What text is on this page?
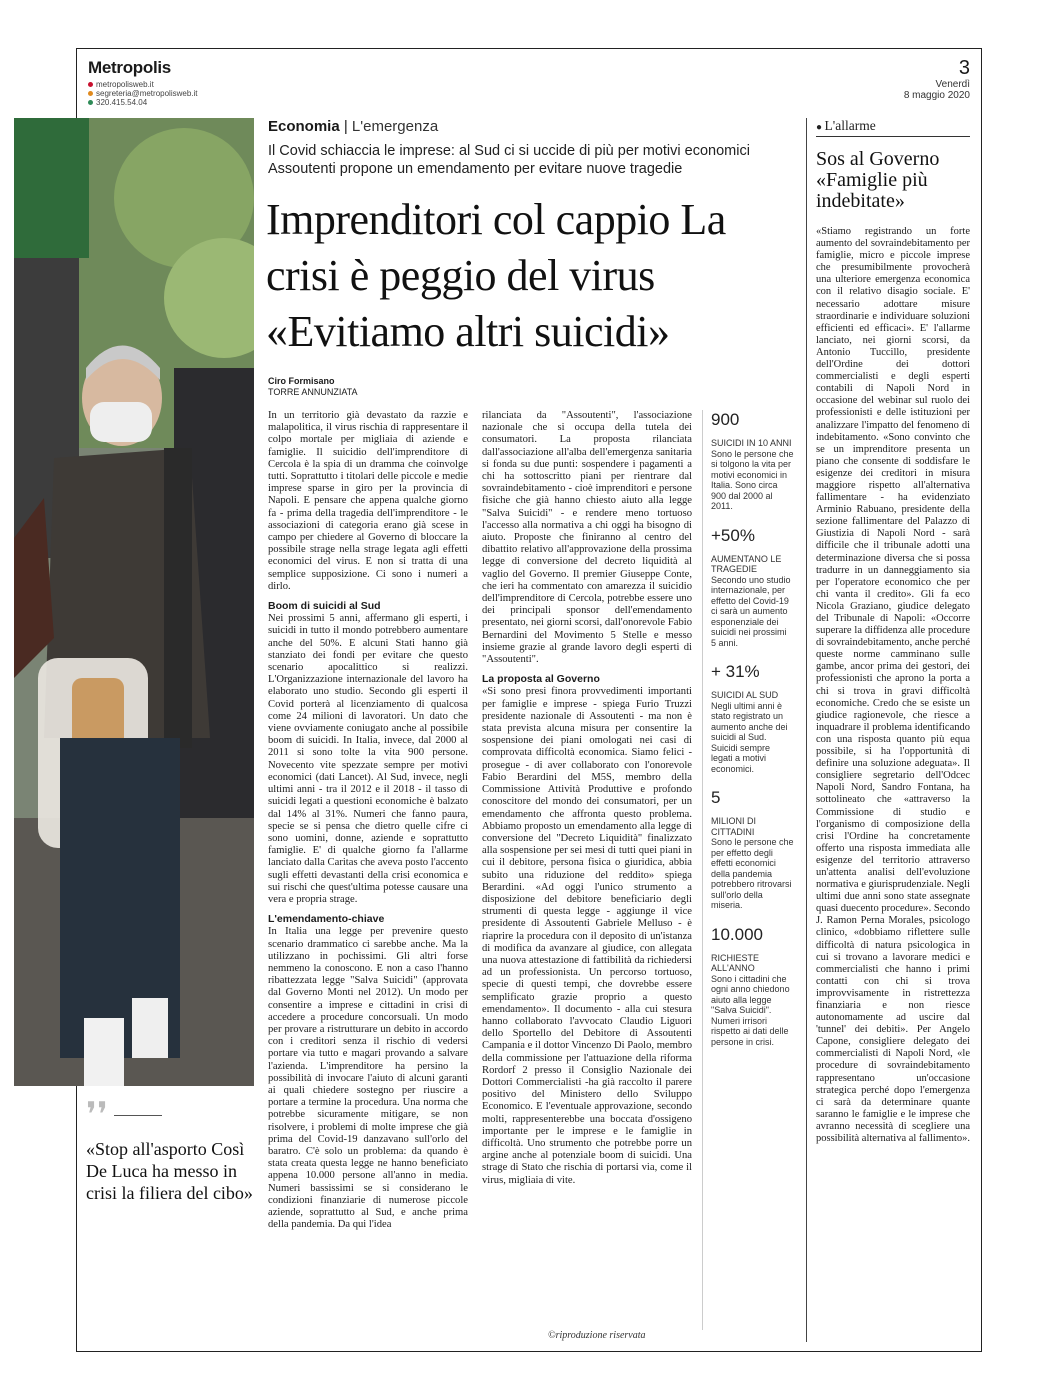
Metropolis
metropolisweb.it
segreteria@metropolisweb.it
320.415.54.04
3
Venerdì
8 maggio 2020
❜❜
«Stop all'asporto Così De Luca ha messo in crisi la filiera del cibo»
Economia | L'emergenza
Il Covid schiaccia le imprese: al Sud ci si uccide di più per motivi economici Assoutenti propone un emendamento per evitare nuove tragedie
Imprenditori col cappio La crisi è peggio del virus «Evitiamo altri suicidi»
Ciro Formisano
TORRE ANNUNZIATA

In un territorio già devastato da razzie e malapolitica, il virus rischia di rappresentare il colpo mortale per migliaia di aziende e famiglie. Il suicidio dell'imprenditore di Cercola è la spia di un dramma che coinvolge tutti. Soprattutto i titolari delle piccole e medie imprese sparse in giro per la provincia di Napoli. E pensare che appena qualche giorno fa - prima della tragedia dell'imprenditore - le associazioni di categoria erano già scese in campo per chiedere al Governo di bloccare la possibile strage nella strage legata agli effetti economici del virus. E non si tratta di una semplice supposizione. Ci sono i numeri a dirlo.

Boom di suicidi al Sud

Nei prossimi 5 anni, affermano gli esperti, i suicidi in tutto il mondo potrebbero aumentare anche del 50%. E alcuni Stati hanno già stanziato dei fondi per evitare che questo scenario apocalittico si realizzi. L'Organizzazione internazionale del lavoro ha elaborato uno studio. Secondo gli esperti il Covid porterà al licenziamento di qualcosa come 24 milioni di lavoratori. Un dato che viene ovviamente coniugato anche al possibile boom di suicidi. In Italia, invece, dal 2000 al 2011 si sono tolte la vita 900 persone. Novecento vite spezzate sempre per motivi economici (dati Lancet). Al Sud, invece, negli ultimi anni - tra il 2012 e il 2018 - il tasso di suicidi legati a questioni economiche è balzato dal 14% al 31%. Numeri che fanno paura, specie se si pensa che dietro quelle cifre ci sono uomini, donne, aziende e soprattutto famiglie. E' di qualche giorno fa l'allarme lanciato dalla Caritas che aveva posto l'accento sugli effetti devastanti della crisi economica e sui rischi che quest'ultima potesse causare una vera e propria strage.

L'emendamento-chiave

In Italia una legge per prevenire questo scenario drammatico ci sarebbe anche. Ma la utilizzano in pochissimi. Gli altri forse nemmeno la conoscono. E non a caso l'hanno ribattezzata legge "Salva Suicidi" (approvata dal Governo Monti nel 2012). Un modo per consentire a imprese e cittadini in crisi di accedere a procedure concorsuali. Un modo per provare a ristrutturare un debito in accordo con i creditori senza il rischio di vedersi portare via tutto e magari provando a salvare l'azienda. L'imprenditore ha persino la possibilità di invocare l'aiuto di alcuni garanti ai quali chiedere sostegno per riuscire a portare a termine la procedura. Una norma che potrebbe sicuramente mitigare, se non risolvere, i problemi di molte imprese che già prima del Covid-19 danzavano sull'orlo del baratro. C'è solo un problema: da quando è stata creata questa legge ne hanno beneficiato appena 10.000 persone all'anno in media. Numeri bassissimi se si considerano le condizioni finanziarie di numerose piccole aziende, soprattutto al Sud, e anche prima della pandemia. Da qui l'idea

rilanciata da "Assoutenti", l'associazione nazionale che si occupa della tutela dei consumatori. La proposta rilanciata dall'associazione all'alba dell'emergenza sanitaria si fonda su due punti: sospendere i pagamenti a chi ha sottoscritto piani per rientrare dal sovraindebitamento - cioè imprenditori e persone fisiche che già hanno chiesto aiuto alla legge "Salva Suicidi" - e rendere meno tortuoso l'accesso alla normativa a chi oggi ha bisogno di aiuto. Proposte che finiranno al centro del dibattito relativo all'approvazione della prossima legge di conversione del decreto liquidità al vaglio del Governo. Il premier Giuseppe Conte, che ieri ha commentato con amarezza il suicidio dell'imprenditore di Cercola, potrebbe essere uno dei principali sponsor dell'emendamento presentato, nei giorni scorsi, dall'onorevole Fabio Bernardini del Movimento 5 Stelle e messo insieme grazie al grande lavoro degli esperti di "Assoutenti".

La proposta al Governo

«Si sono presi finora provvedimenti importanti per famiglie e imprese - spiega Furio Truzzi presidente nazionale di Assoutenti - ma non è stata prevista alcuna misura per consentire la sospensione dei piani omologati nei casi di comprovata difficoltà economica. Siamo felici - prosegue - di aver collaborato con l'onorevole Fabio Berardini del M5S, membro della Commissione Attività Produttive e profondo conoscitore del mondo dei consumatori, per un emendamento che affronta questo problema. Abbiamo proposto un emendamento alla legge di conversione del "Decreto Liquidità" finalizzato alla sospensione per sei mesi di tutti quei piani in cui il debitore, persona fisica o giuridica, abbia subito una riduzione del reddito» spiega Berardini. «Ad oggi l'unico strumento a disposizione del debitore beneficiario degli strumenti di questa legge - aggiunge il vice presidente di Assoutenti Gabriele Melluso - è riaprire la procedura con il deposito di un'istanza di modifica da avanzare al giudice, con allegata una nuova attestazione di fattibilità da richiedersi ad un professionista. Un percorso tortuoso, specie di questi tempi, che dovrebbe essere semplificato grazie proprio a questo emendamento». Il documento - alla cui stesura hanno collaborato l'avvocato Claudio Liguori dello Sportello del Debitore di Assoutenti Campania e il dottor Vincenzo Di Paolo, membro della commissione per l'attuazione della riforma Rordorf 2 presso il Consiglio Nazionale dei Dottori Commercialisti -ha già raccolto il parere positivo del Ministero dello Sviluppo Economico. E l'eventuale approvazione, secondo molti, rappresenterebbe una boccata d'ossigeno importante per le imprese e le famiglie in difficoltà. Uno strumento che potrebbe porre un argine anche al potenziale boom di suicidi. Una strage di Stato che rischia di portarsi via, come il virus, migliaia di vite.

©riproduzione riservata
900
SUICIDI IN 10 ANNI
Sono le persone che si tolgono la vita per motivi economici in Italia. Sono circa 900 dal 2000 al 2011.
+50%
AUMENTANO LE TRAGEDIE
Secondo uno studio internazionale, per effetto del Covid-19 ci sarà un aumento esponenziale dei suicidi nei prossimi 5 anni.
+ 31%
SUICIDI AL SUD
Negli ultimi anni è stato registrato un aumento anche dei suicidi al Sud. Suicidi sempre legati a motivi economici.
5
MILIONI DI CITTADINI
Sono le persone che per effetto degli effetti economici della pandemia potrebbero ritrovarsi sull'orlo della miseria.
10.000
RICHIESTE ALL'ANNO
Sono i cittadini che ogni anno chiedono aiuto alla legge "Salva Suicidi". Numeri irrisori rispetto ai dati delle persone in crisi.
● L'allarme
Sos al Governo «Famiglie più indebitate»
«Stiamo registrando un forte aumento del sovraindebitamento per famiglie, micro e piccole imprese che presumibilmente provocherà una ulteriore emergenza economica con il relativo disagio sociale. E' necessario adottare misure straordinarie e individuare soluzioni efficienti ed efficaci». E' l'allarme lanciato, nei giorni scorsi, da Antonio Tuccillo, presidente dell'Ordine dei dottori commercialisti e degli esperti contabili di Napoli Nord in occasione del webinar sul ruolo dei professionisti e delle istituzioni per analizzare l'impatto del fenomeno di indebitamento. «Sono convinto che se un imprenditore presenta un piano che consente di soddisfare le esigenze dei creditori in misura maggiore rispetto all'alternativa fallimentare - ha evidenziato Arminio Rabuano, presidente della sezione fallimentare del Palazzo di Giustizia di Napoli Nord - sarà difficile che il tribunale adotti una determinazione diversa che si possa tradurre in un danneggiamento sia per l'operatore economico che per chi vanta il credito». Gli fa eco Nicola Graziano, giudice delegato del Tribunale di Napoli: «Occorre superare la diffidenza alle procedure di sovraindebitamento, anche perché queste norme camminano sulle gambe, ancor prima dei gestori, dei professionisti che aprono la porta a chi si trova in gravi difficoltà economiche. Credo che se esiste un giudice ragionevole, che riesce a inquadrare il problema identificando con una risposta quanto più equa possibile, si ha l'opportunità di definire una soluzione adeguata». Il consigliere segretario dell'Odcec Napoli Nord, Sandro Fontana, ha sottolineato che «attraverso la Commissione di studio e l'organismo di composizione della crisi l'Ordine ha concretamente offerto una risposta immediata alle esigenze del territorio attraverso un'attenta analisi dell'evoluzione normativa e giurisprudenziale. Negli ultimi due anni sono state assegnate quasi duecento procedure». Secondo J. Ramon Perna Morales, psicologo clinico, «dobbiamo riflettere sulle difficoltà di natura psicologica in cui si trovano a lavorare medici e commercialisti che hanno i primi contatti con chi si trova improvvisamente in ristrettezza finanziaria e non riesce autonomamente ad uscire dal 'tunnel' dei debiti». Per Angelo Capone, consigliere delegato dei commercialisti di Napoli Nord, «le procedure di sovraindebitamento rappresentano un'occasione strategica perché dopo l'emergenza ci sarà da determinare quante saranno le famiglie e le imprese che avranno necessità di scegliere una possibilità alternativa al fallimento».
